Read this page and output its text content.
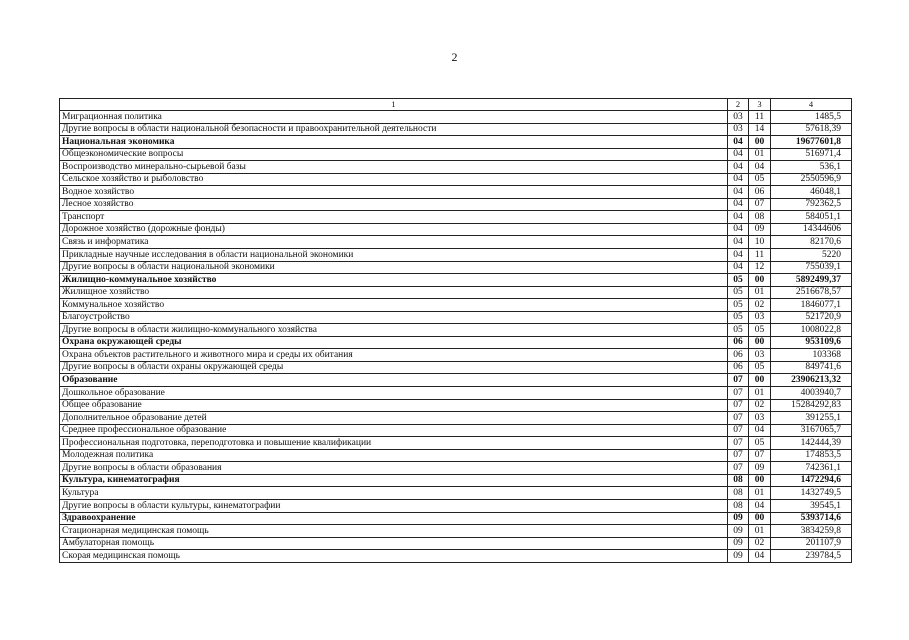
2
1	2	3	4
Миграционная политика	03	11	1485,5
Другие вопросы в области национальной безопасности и правоохранительной деятельности	03	14	57618,39
Национальная экономика	04	00	19677601,8
Общеэкономические вопросы	04	01	516971,4
Воспроизводство минерально-сырьевой базы	04	04	536,1
Сельское хозяйство и рыболовство	04	05	2550596,9
Водное хозяйство	04	06	46048,1
Лесное хозяйство	04	07	792362,5
Транспорт	04	08	584051,1
Дорожное хозяйство (дорожные фонды)	04	09	14344606
Связь и информатика	04	10	82170,6
Прикладные научные исследования в области национальной экономики	04	11	5220
Другие вопросы в области национальной экономики	04	12	755039,1
Жилищно-коммунальное хозяйство	05	00	5892499,37
Жилищное хозяйство	05	01	2516678,57
Коммунальное хозяйство	05	02	1846077,1
Благоустройство	05	03	521720,9
Другие вопросы в области жилищно-коммунального хозяйства	05	05	1008022,8
Охрана окружающей среды	06	00	953109,6
Охрана объектов растительного и животного мира и среды их обитания	06	03	103368
Другие вопросы в области охраны окружающей среды	06	05	849741,6
Образование	07	00	23906213,32
Дошкольное образование	07	01	4003940,7
Общее образование	07	02	15284292,83
Дополнительное образование детей	07	03	391255,1
Среднее профессиональное образование	07	04	3167065,7
Профессиональная подготовка, переподготовка и повышение квалификации	07	05	142444,39
Молодежная политика	07	07	174853,5
Другие вопросы в области образования	07	09	742361,1
Культура, кинематография	08	00	1472294,6
Культура	08	01	1432749,5
Другие вопросы в области культуры, кинематографии	08	04	39545,1
Здравоохранение	09	00	5393714,6
Стационарная медицинская помощь	09	01	3834259,8
Амбулаторная помощь	09	02	201107,9
Скорая медицинская помощь	09	04	239784,5
